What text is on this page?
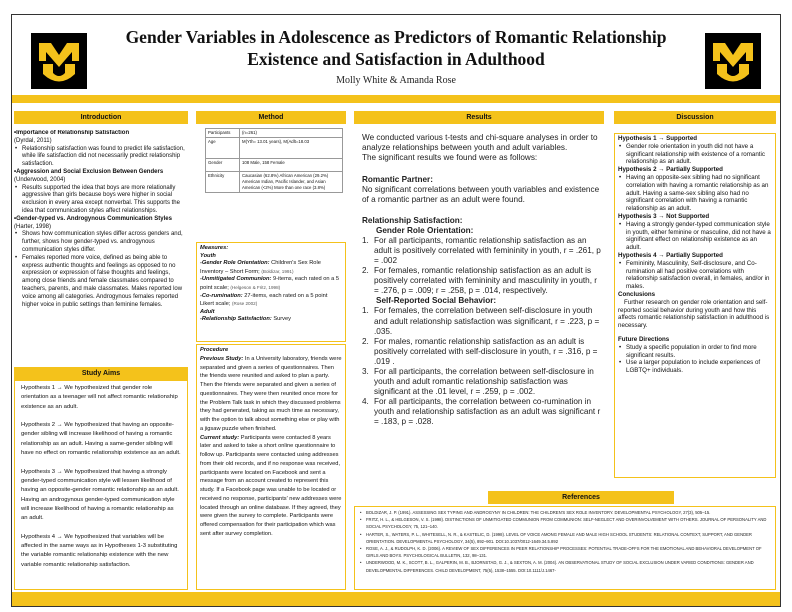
Gender Variables in Adolescence as Predictors of Romantic Relationship
Existence and Satisfaction in Adulthood
Molly White & Amanda Rose
Introduction
•Importance of Relationship Satisfaction
(Dyrdal, 2011)
• Relationship satisfaction was found to predict life satisfaction, while life satisfaction did not necessarily predict relationship satisfaction.
•Aggression and Social Exclusion Between Genders (Underwood, 2004)
• Results supported the idea that boys are more relationally aggressive than girls because boys were higher in social exclusion in every area except nonverbal. This supports the idea that communication styles affect relationships.
•Gender-typed vs. Androgynous Communication Styles (Harter, 1998)
• Shows how communication styles differ across genders and, further, shows how gender-typed vs. androgynous communication styles differ.
• Females reported more voice, defined as being able to express authentic thoughts and feelings as opposed to no expression or expression of false thoughts and feelings, among close friends and female classmates compared to teachers, parents, and male classmates. Males reported low voice among all categories. Androgynous females reported higher voice in public settings than feminine females.
Study Aims

Hypothesis 1 → We hypothesized that gender role orientation as a teenager will not affect romantic relationship existence as an adult.

Hypothesis 2 → We hypothesized that having an opposite-gender sibling will increase likelihood of having a romantic relationship as an adult. Having a same-gender sibling will have no effect on romantic relationship existence as an adult.

Hypothesis 3 → We hypothesized that having a strongly gender-typed communication style will lessen likelihood of having an opposite-gender romantic relationship as an adult. Having an androgynous gender-typed communication style will increase likelihood of having a romantic relationship as an adult.

Hypothesis 4 → We hypothesized that variables will be affected in the same ways as in Hypotheses 1-3 substituting the variable romantic relationship existence with the new variable romantic relationship satisfaction.

Method
Participants	(n=261)
Age	M(Yth= 13.01 years), M(Adlt=18.03
Gender	108 Male, 158 Female
Ethnicity	Caucasian (62.8%) African American (29.2%) American Indian, Pacific Islander, and Asian American (<2%) More than one race (3.8%)
Measures:
Youth
-Gender Role Orientation: Children's Sex Role Inventory – Short Form; (Boldizar, 1991)
-Unmitigated Communion: 9-items, each rated on a 5 point scale; (Helgeson & Fritz, 1998)
-Co-rumination: 27-items, each rated on a 5 point Likert scale; (Rose 2002)
Adult
-Relationship Satisfaction: Survey
Procedure

Previous Study: In a University laboratory, friends were separated and given a series of questionnaires. Then the friends were reunited and asked to plan a party. Then the friends were separated and given a series of questionnaires. They were then reunited once more for the Problem Talk task in which they discussed problems they had generated, taking as much time as necessary, with the option to talk about something else or play with a jigsaw puzzle when finished.

Current study: Participants were contacted 8 years later and asked to take a short online questionnaire to follow up. Participants were contacted using addresses from their old records, and if no response was received, participants were located on Facebook and sent a message from an account created to represent this study. If a Facebook page was unable to be located or received no response, participants' new addresses were located through an online database. If they agreed, they were given the survey to complete. Participants were offered compensation for their participation which was sent after survey completion.

Results

We conducted various t-tests and chi-square analyses in order to analyze relationships between youth and adult variables.

The significant results we found were as follows:

Romantic Partner:

No significant correlations between youth variables and existence of a romantic partner as an adult were found.

Relationship Satisfaction:
Gender Role Orientation:
1. For all participants, romantic relationship satisfaction as an adult is positively correlated with femininity in youth, r = .261, p = .002
2. For females, romantic relationship satisfaction as an adult is positively correlated with femininity and masculinity in youth, r = .276, p = .009; r = .258, p = .014, respectively.
Self-Reported Social Behavior:
1. For females, the correlation between self-disclosure in youth and adult relationship satisfaction was significant, r = .223, p = .035.
2. For males, romantic relationship satisfaction as an adult is positively correlated with self-disclosure in youth, r = .316, p = .019 .
3. For all participants, the correlation between self-disclosure in youth and adult romantic relationship satisfaction was significant at the .01 level, r = .259, p = .002.
4. For all participants, the correlation between co-rumination in youth and relationship satisfaction as an adult was significant r = .183, p = .028.
Discussion
Hypothesis 1 → Supported
• Gender role orientation in youth did not have a significant relationship with existence of a romantic relationship as an adult.
Hypothesis 2 → Partially Supported
• Having an opposite-sex sibling had no significant correlation with having a romantic relationship as an adult. Having a same-sex sibling also had no significant correlation with having a romantic relationship as an adult.
Hypothesis 3 → Not Supported
• Having a strongly gender-typed communication style in youth, either feminine or masculine, did not have a significant effect on relationship existence as an adult.
Hypothesis 4 → Partially Supported
• Femininity, Masculinity, Self-disclosure, and Co-rumination all had positive correlations with relationship satisfaction overall, in females, and/or in males.
Conclusions

Further research on gender role orientation and self-reported social behavior during youth and how this affects romantic relationship satisfaction in adulthood is necessary.

Future Directions
• Study a specific population in order to find more significant results.
• Use a larger population to include experiences of LGBTQ+ individuals.
References
• BOLDIZAR, J. P. (1991). ASSESSING SEX TYPING AND ANDROGYNY IN CHILDREN: THE CHILDREN'S SEX ROLE INVENTORY. DEVELOPMENTAL PSYCHOLOGY, 27(3), 505–15.
• FRITZ, H. L., & HELGESON, V. S. (1998). DISTINCTIONS OF UNMITIGATED COMMUNION FROM COMMUNION: SELF-NEGLECT AND OVERINVOLVEMENT WITH OTHERS. JOURNAL OF PERSONALITY AND SOCIAL PSYCHOLOGY, 75, 121–140.
• HARTER, S., WATERS, P. L., WHITESELL, N. R., & KASTELIC, D. (1998). LEVEL OF VOICE AMONG FEMALE AND MALE HIGH SCHOOL STUDENTS: RELATIONAL CONTEXT, SUPPORT, AND GENDER ORIENTATION. DEVELOPMENTAL PSYCHOLOGY, 34(5), 892–901. DOI:10.1037/0012-1649.34.5.892
• ROSE, A. J., & RUDOLPH, K. D. (2006). A REVIEW OF SEX DIFFERENCES IN PEER RELATIONSHIP PROCESSES: POTENTIAL TRADE-OFFS FOR THE EMOTIONAL AND BEHAVIORAL DEVELOPMENT OF GIRLS AND BOYS. PSYCHOLOGICAL BULLETIN, 132, 98–131.
• UNDERWOOD, M. K., SCOTT, B. L., GALPERIN, M. B., BJORNSTAD, G. J., & SEXTON, A. M. (2004). AN OBSERVATIONAL STUDY OF SOCIAL EXCLUSION UNDER VARIED CONDITIONS: GENDER AND DEVELOPMENTAL DIFFERENCES. CHILD DEVELOPMENT, 75(5), 1538–1555. DOI:10.1111/J.1467-
